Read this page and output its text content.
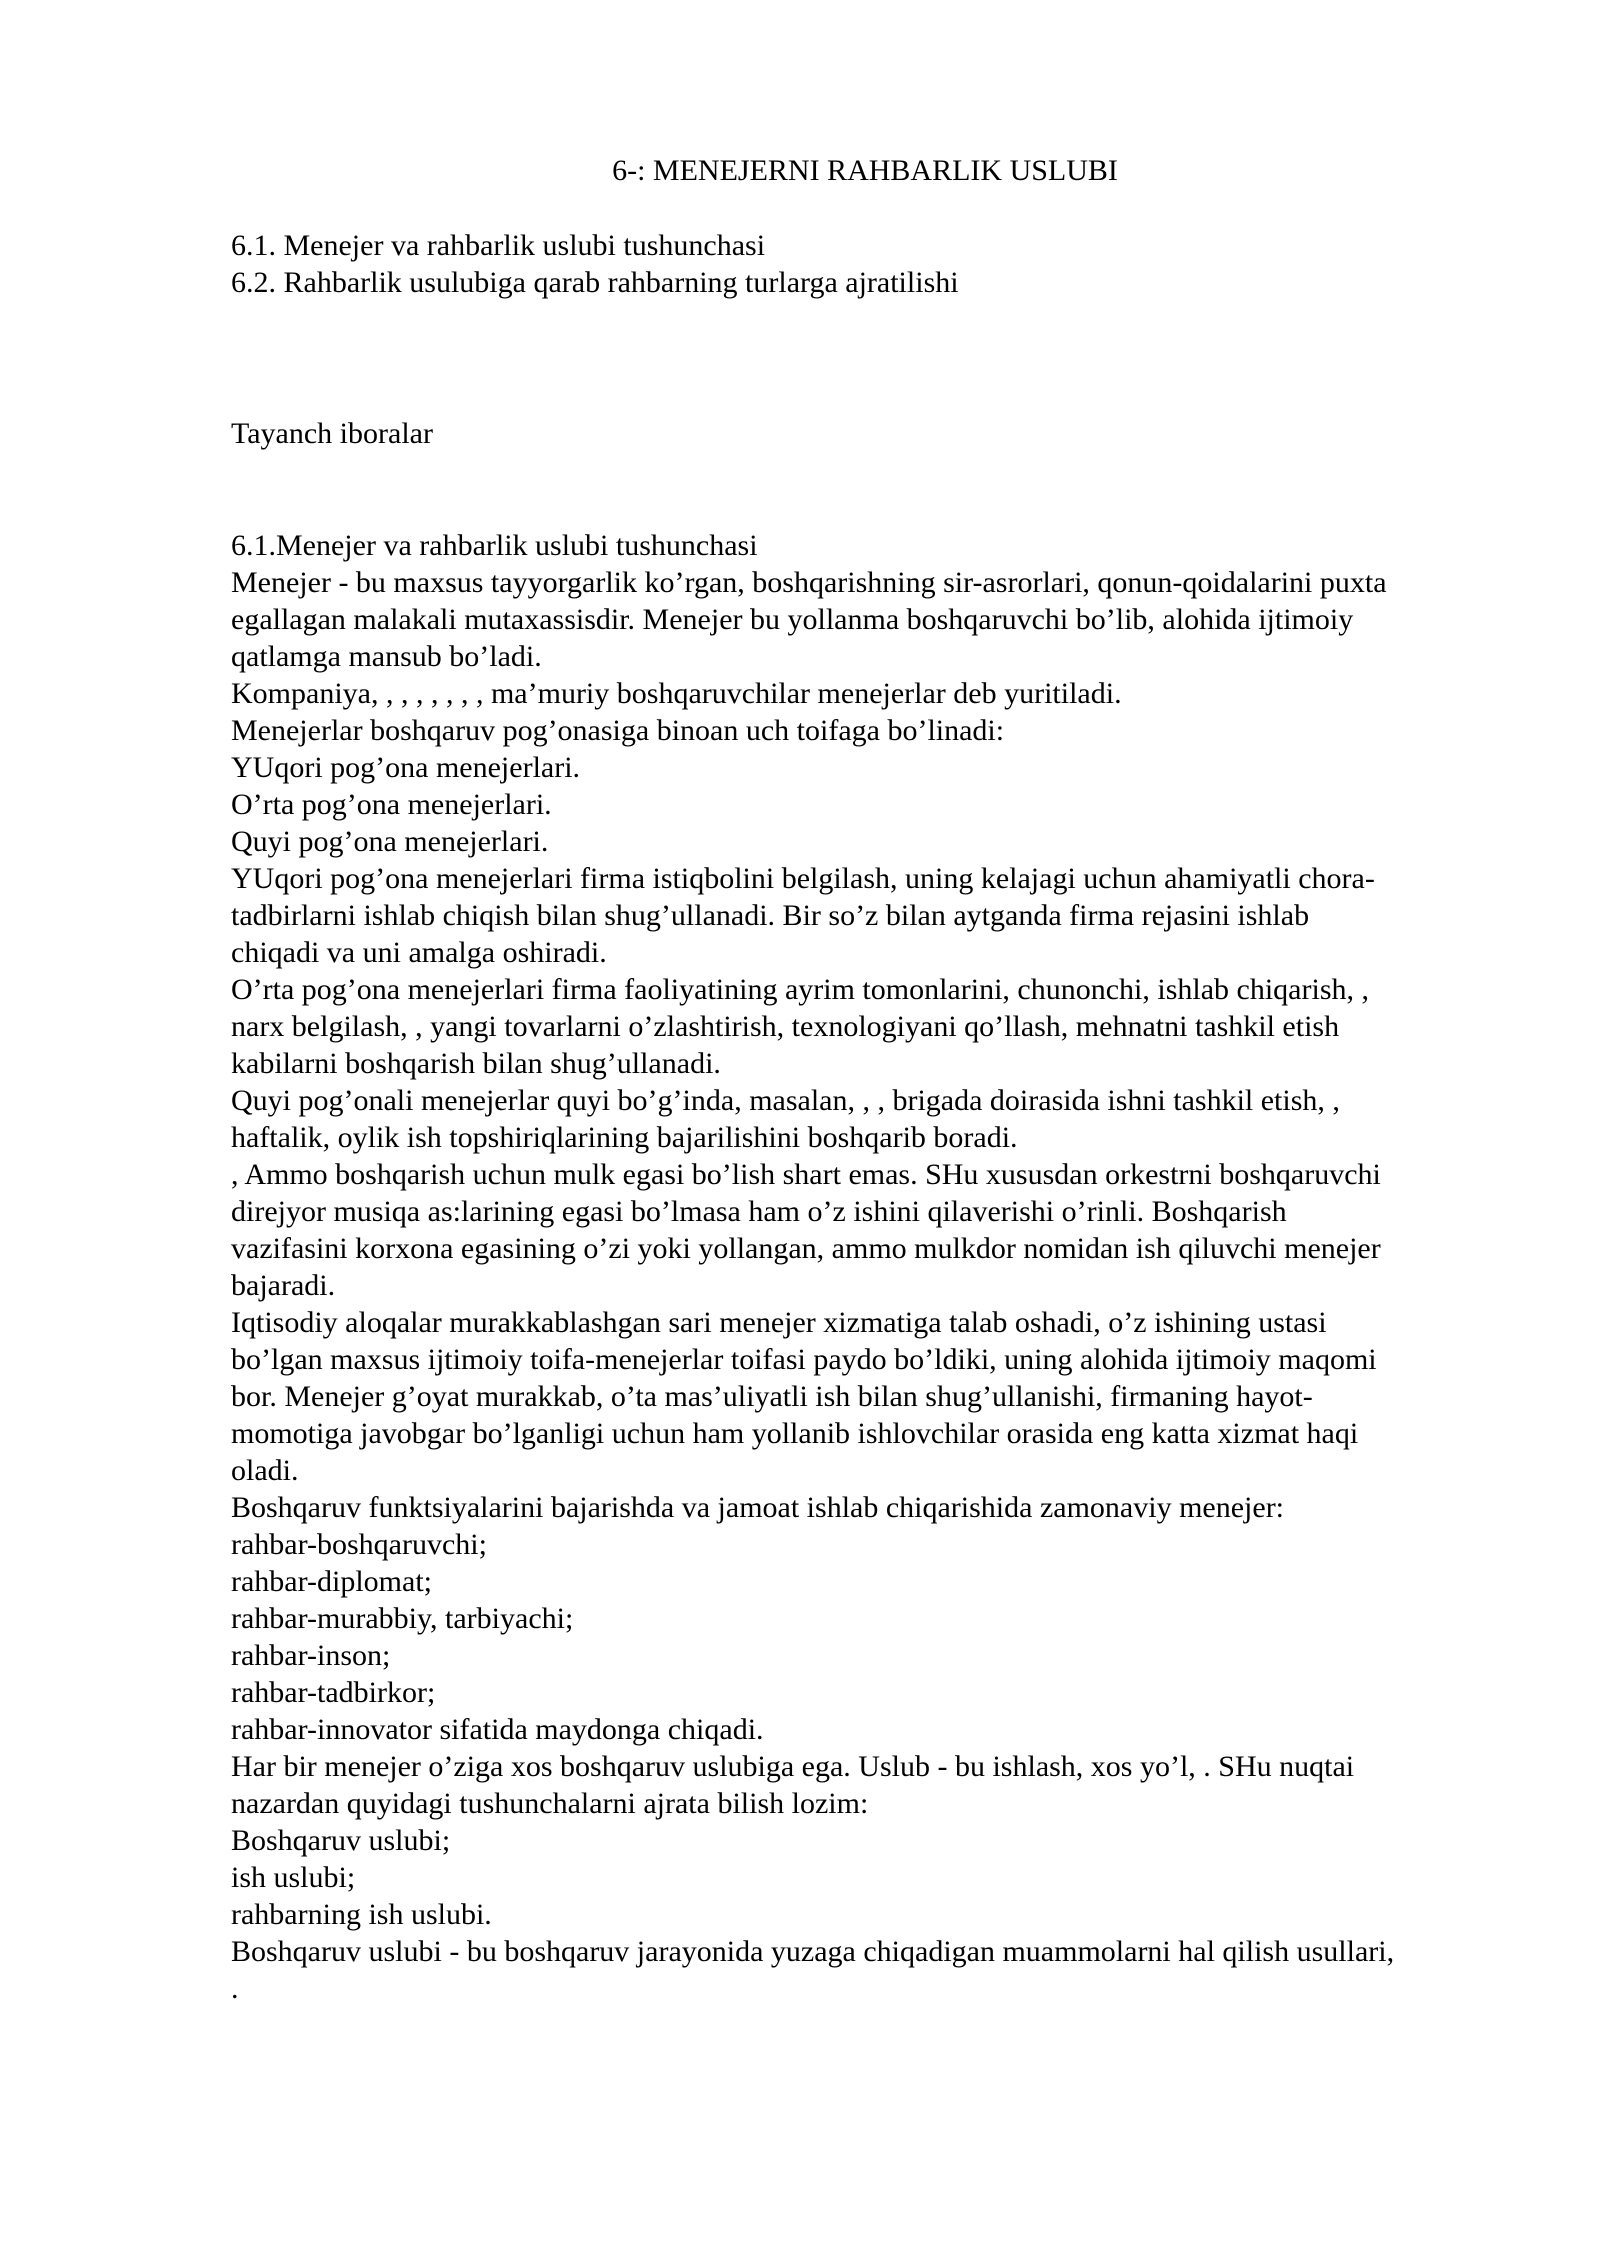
6-: MENEJERNI RAHBARLIK USLUBI
6.1. Menejer va rahbarlik uslubi tushunchasi
6.2. Rahbarlik usulubiga qarab rahbarning turlarga ajratilishi
Tayanch iboralar
6.1.Menejer va rahbarlik uslubi tushunchasi
Menejer - bu maxsus tayyorgarlik ko’rgan, boshqarishning sir-asrorlari, qonun-qoidalarini puxta
egallagan malakali mutaxassisdir. Menejer bu yollanma boshqaruvchi bo’lib, alohida ijtimoiy
qatlamga mansub bo’ladi.
Kompaniya, , , , , , , , ma’muriy boshqaruvchilar menejerlar deb yuritiladi.
Menejerlar boshqaruv pog’onasiga binoan uch toifaga bo’linadi:
YUqori pog’ona menejerlari.
O’rta pog’ona menejerlari.
Quyi pog’ona menejerlari.
YUqori pog’ona menejerlari firma istiqbolini belgilash, uning kelajagi uchun ahamiyatli chora-
tadbirlarni ishlab chiqish bilan shug’ullanadi. Bir so’z bilan aytganda firma rejasini ishlab
chiqadi va uni amalga oshiradi.
O’rta pog’ona menejerlari firma faoliyatining ayrim tomonlarini, chunonchi, ishlab chiqarish, ,
narx belgilash, , yangi tovarlarni o’zlashtirish, texnologiyani qo’llash, mehnatni tashkil etish
kabilarni boshqarish bilan shug’ullanadi.
Quyi pog’onali menejerlar quyi bo’g’inda, masalan, , , brigada doirasida ishni tashkil etish, ,
haftalik, oylik ish topshiriqlarining bajarilishini boshqarib boradi.
, Ammo boshqarish uchun mulk egasi bo’lish shart emas. SHu xususdan orkestrni boshqaruvchi
direjyor musiqa as:larining egasi bo’lmasa ham o’z ishini qilaverishi o’rinli. Boshqarish
vazifasini korxona egasining o’zi yoki yollangan, ammo mulkdor nomidan ish qiluvchi menejer
bajaradi.
Iqtisodiy aloqalar murakkablashgan sari menejer xizmatiga talab oshadi, o’z ishining ustasi
bo’lgan maxsus ijtimoiy toifa-menejerlar toifasi paydo bo’ldiki, uning alohida ijtimoiy maqomi
bor. Menejer g’oyat murakkab, o’ta mas’uliyatli ish bilan shug’ullanishi, firmaning hayot-
momotiga javobgar bo’lganligi uchun ham yollanib ishlovchilar orasida eng katta xizmat haqi
oladi.
Boshqaruv funktsiyalarini bajarishda va jamoat ishlab chiqarishida zamonaviy menejer:
rahbar-boshqaruvchi;
rahbar-diplomat;
rahbar-murabbiy, tarbiyachi;
rahbar-inson;
rahbar-tadbirkor;
rahbar-innovator sifatida maydonga chiqadi.
Har bir menejer o’ziga xos boshqaruv uslubiga ega. Uslub - bu ishlash, xos yo’l, . SHu nuqtai
nazardan quyidagi tushunchalarni ajrata bilish lozim:
Boshqaruv uslubi;
ish uslubi;
rahbarning ish uslubi.
Boshqaruv uslubi - bu boshqaruv jarayonida yuzaga chiqadigan muammolarni hal qilish usullari,
.
